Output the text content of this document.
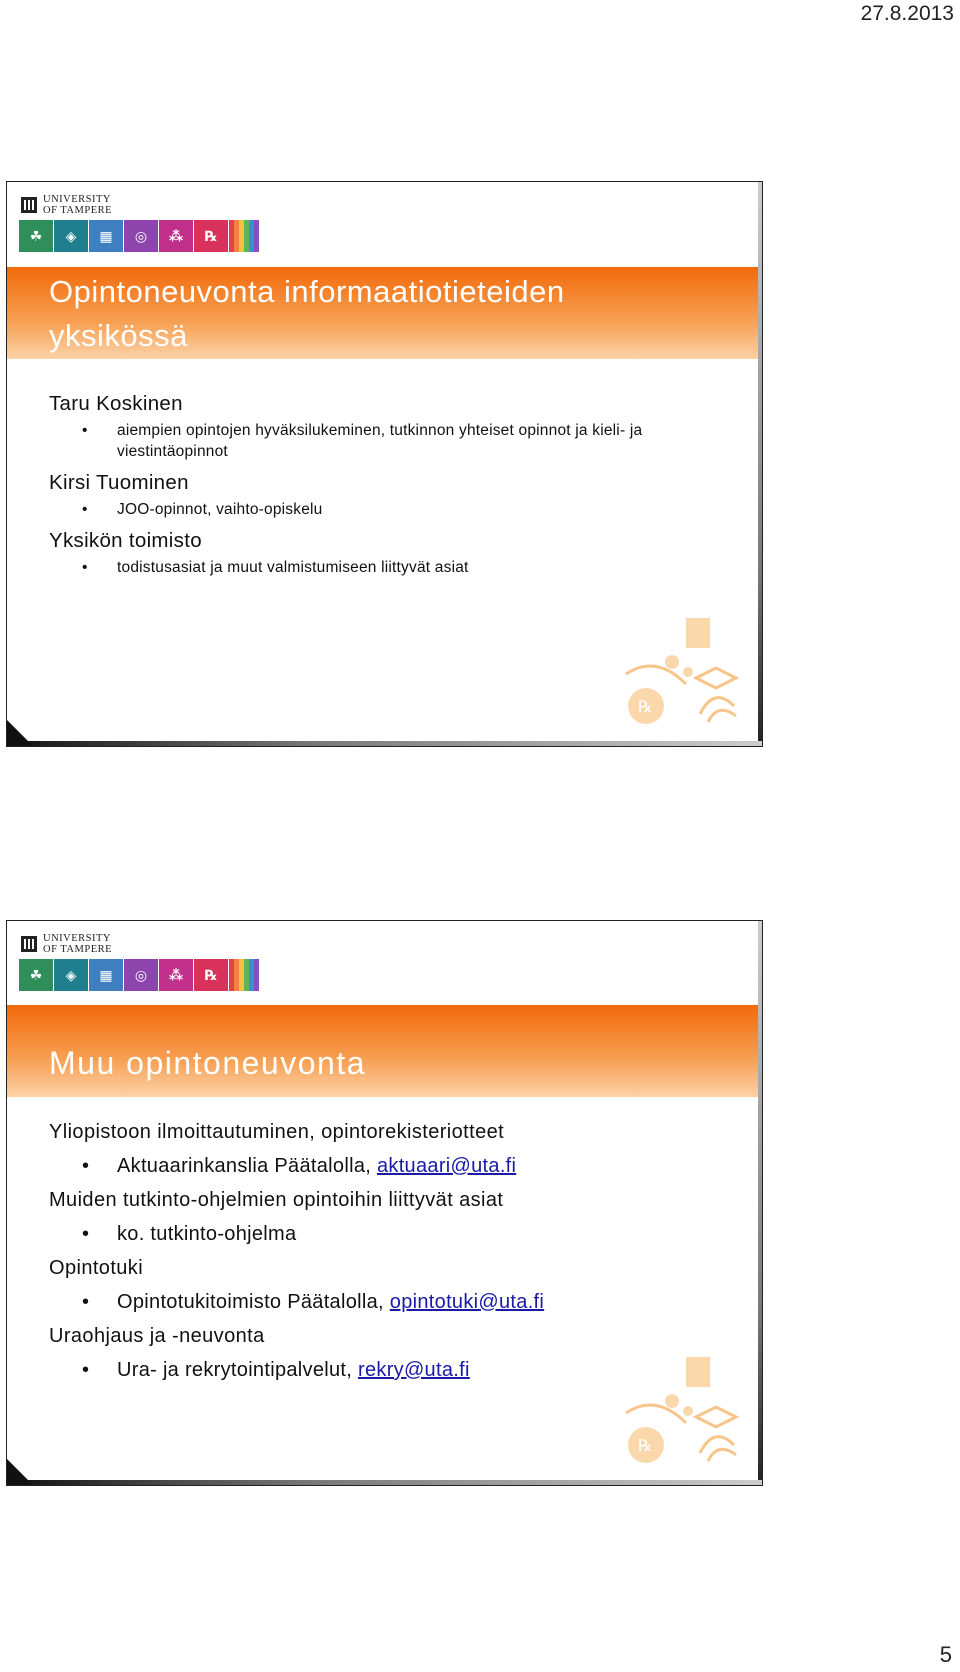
27.8.2013
UNIVERSITY
OF TAMPERE
☘	◈	▦	◎	⁂	℞
Opintoneuvonta informaatiotieteiden yksikössä
Taru Koskinen
• aiempien opintojen hyväksilukeminen, tutkinnon yhteiset opinnot ja kieli- ja viestintäopinnot
Kirsi Tuominen
• JOO-opinnot, vaihto-opiskelu
Yksikön toimisto
• todistusasiat ja muut valmistumiseen liittyvät asiat
℞
UNIVERSITY
OF TAMPERE
☘	◈	▦	◎	⁂	℞
Muu opintoneuvonta
Yliopistoon ilmoittautuminen, opintorekisteriotteet
• Aktuaarinkanslia Päätalolla, aktuaari@uta.fi
Muiden tutkinto-ohjelmien opintoihin liittyvät asiat
• ko. tutkinto-ohjelma
Opintotuki
• Opintotukitoimisto Päätalolla, opintotuki@uta.fi
Uraohjaus ja -neuvonta
• Ura- ja rekrytointipalvelut, rekry@uta.fi
℞
5
